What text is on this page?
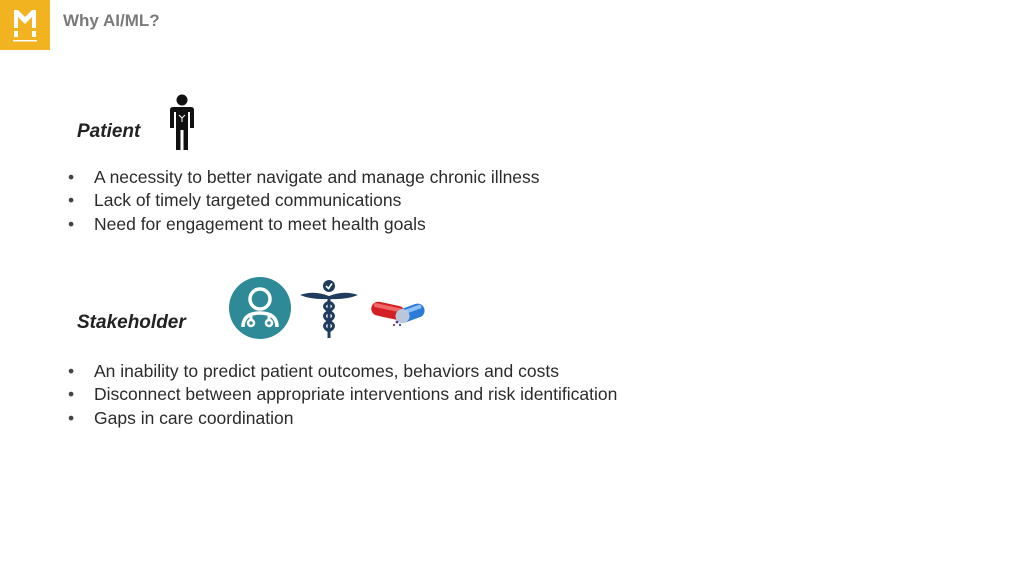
Why AI/ML?
Patient
• A necessity to better navigate and manage chronic illness
• Lack of timely targeted communications
• Need for engagement to meet health goals
Stakeholder
• An inability to predict patient outcomes, behaviors and costs
• Disconnect between appropriate interventions and risk identification
• Gaps in care coordination
